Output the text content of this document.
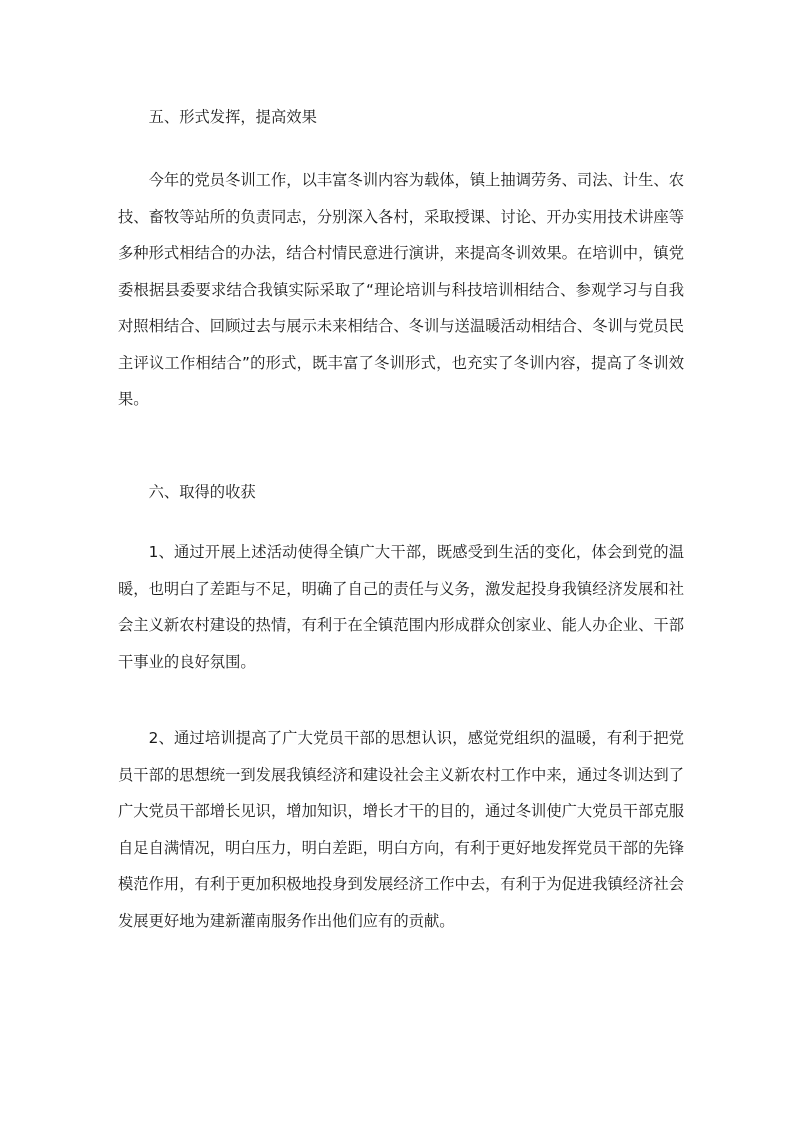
五、形式发挥，提高效果

今年的党员冬训工作，以丰富冬训内容为载体，镇上抽调劳务、司法、计生、农技、畜牧等站所的负责同志，分别深入各村，采取授课、讨论、开办实用技术讲座等多种形式相结合的办法，结合村情民意进行演讲，来提高冬训效果。在培训中，镇党委根据县委要求结合我镇实际采取了“理论培训与科技培训相结合、参观学习与自我对照相结合、回顾过去与展示未来相结合、冬训与送温暖活动相结合、冬训与党员民主评议工作相结合”的形式，既丰富了冬训形式，也充实了冬训内容，提高了冬训效果。

六、取得的收获

1、通过开展上述活动使得全镇广大干部，既感受到生活的变化，体会到党的温暖，也明白了差距与不足，明确了自己的责任与义务，激发起投身我镇经济发展和社会主义新农村建设的热情，有利于在全镇范围内形成群众创家业、能人办企业、干部干事业的良好氛围。

2、通过培训提高了广大党员干部的思想认识，感觉党组织的温暖，有利于把党员干部的思想统一到发展我镇经济和建设社会主义新农村工作中来，通过冬训达到了广大党员干部增长见识，增加知识，增长才干的目的，通过冬训使广大党员干部克服自足自满情况，明白压力，明白差距，明白方向，有利于更好地发挥党员干部的先锋模范作用，有利于更加积极地投身到发展经济工作中去，有利于为促进我镇经济社会发展更好地为建新灌南服务作出他们应有的贡献。
